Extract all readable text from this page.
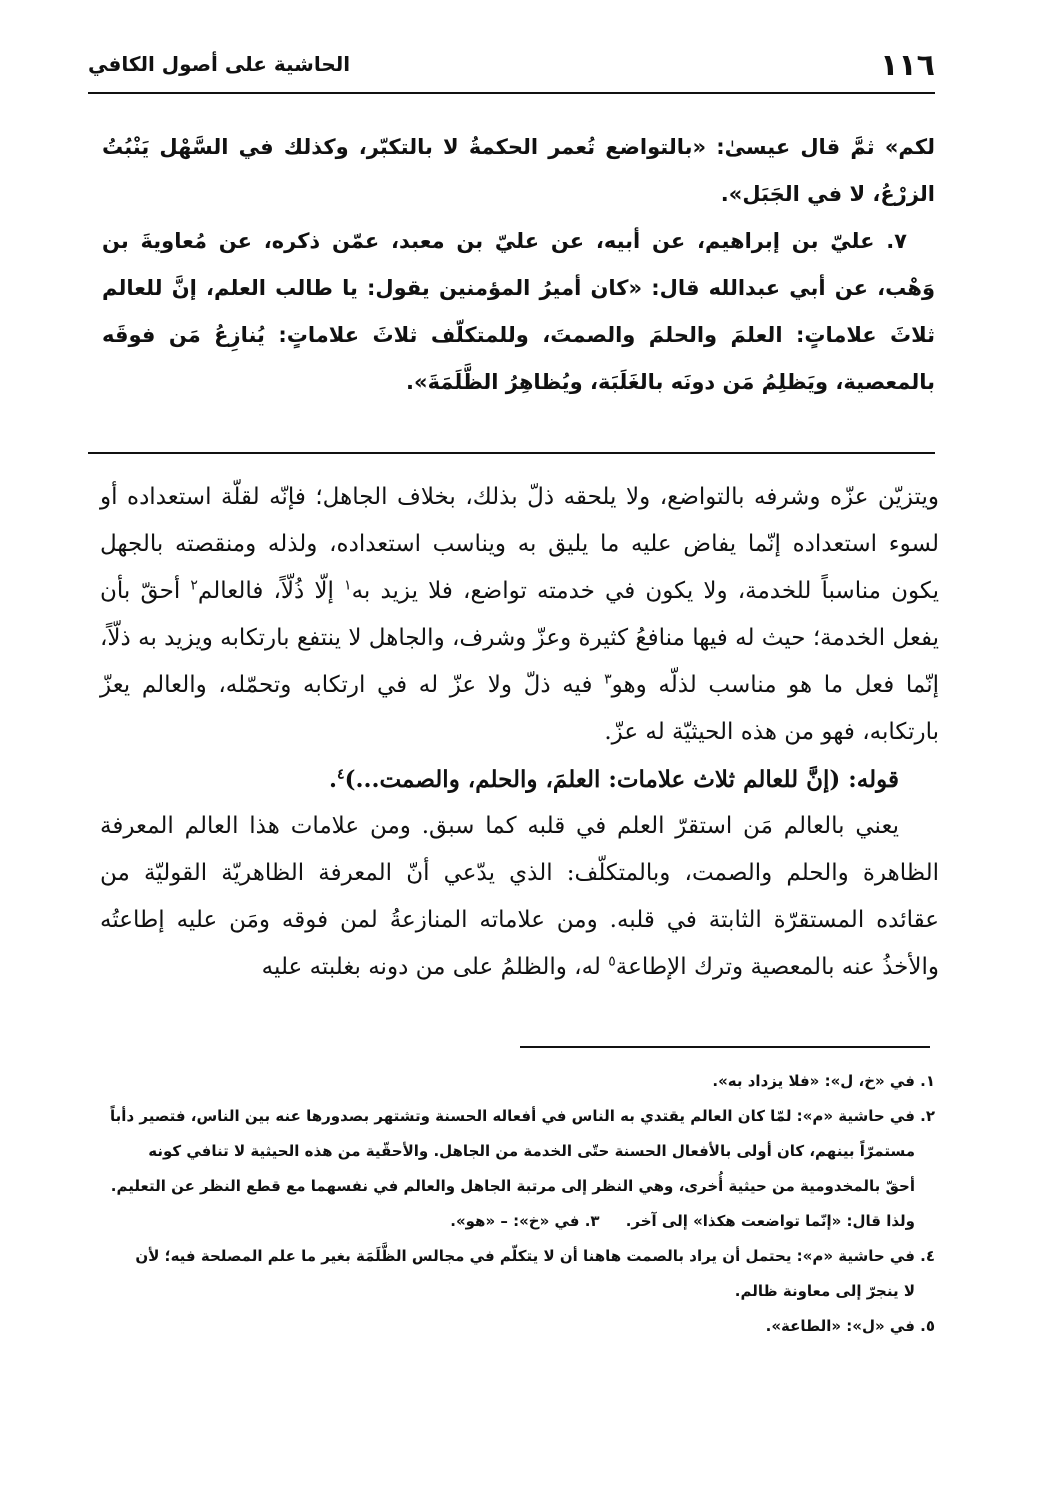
١١٦
الحاشية على أصول الكافي

لكم» ثمَّ قال عيسىٰ: «بالتواضع تُعمر الحكمةُ لا بالتكبّر، وكذلك في السَّهْل يَنْبُتُ الزرْعُ، لا في الجَبَل».

٧. عليّ بن إبراهيم، عن أبيه، عن عليّ بن معبد، عمّن ذكره، عن مُعاويةَ بن وَهْب، عن أبي عبدالله قال: «كان أميرُ المؤمنين يقول: يا طالب العلم، إنَّ للعالم ثلاثَ علاماتٍ: العلمَ والحلمَ والصمتَ، وللمتكلّف ثلاثَ علاماتٍ: يُنازِعُ مَن فوقَه بالمعصية، ويَظلِمُ مَن دونَه بالغَلَبَة، ويُظاهِرُ الظَّلَمَةَ».

ويتزيّن عزّه وشرفه بالتواضع، ولا يلحقه ذلّ بذلك، بخلاف الجاهل؛ فإنّه لقلّة استعداده أو لسوء استعداده إنّما يفاض عليه ما يليق به ويناسب استعداده، ولذله ومنقصته بالجهل يكون مناسباً للخدمة، ولا يكون في خدمته تواضع، فلا يزيد به$^١$ إلّا ذُلّاً، فالعالم$^٢$ أحقّ بأن يفعل الخدمة؛ حيث له فيها منافعُ كثيرة وعزّ وشرف، والجاهل لا ينتفع بارتكابه ويزيد به ذلّاً، إنّما فعل ما هو مناسب لذلّه وهو$^٣$ فيه ذلّ ولا عزّ له في ارتكابه وتحمّله، والعالم يعزّ بارتكابه، فهو من هذه الحيثيّة له عزّ.

قوله: (إنَّ للعالم ثلاث علامات: العلمَ، والحلم، والصمت...)$^٤$.

يعني بالعالم مَن استقرّ العلم في قلبه كما سبق. ومن علامات هذا العالم المعرفة الظاهرة والحلم والصمت، وبالمتكلّف: الذي يدّعي أنّ المعرفة الظاهريّة القوليّة من عقائده المستقرّة الثابتة في قلبه. ومن علاماته المنازعةُ لمن فوقه ومَن عليه إطاعتُه والأخذُ عنه بالمعصية وترك الإطاعة$^٥$ له، والظلمُ على من دونه بغلبته عليه

١. في «خ، ل»: «فلا يزداد به».

٢. في حاشية «م»: لمّا كان العالم يقتدي به الناس في أفعاله الحسنة وتشتهر بصدورها عنه بين الناس، فتصير دأباً

مستمرّاً بينهم، كان أولى بالأفعال الحسنة حتّى الخدمة من الجاهل. والأحقّية من هذه الحيثية لا تنافي كونه

أحقّ بالمخدومية من حيثية أُخرى، وهي النظر إلى مرتبة الجاهل والعالم في نفسهما مع قطع النظر عن التعليم.

ولذا قال: «إنّما تواضعت هكذا» إلى آخر.     ٣. في «خ»: – «هو».

٤. في حاشية «م»: يحتمل أن يراد بالصمت هاهنا أن لا يتكلّم في مجالس الظَّلَمَة بغير ما علم المصلحة فيه؛ لأن

لا ينجرّ إلى معاونة ظالم.

٥. في «ل»: «الطاعة».
